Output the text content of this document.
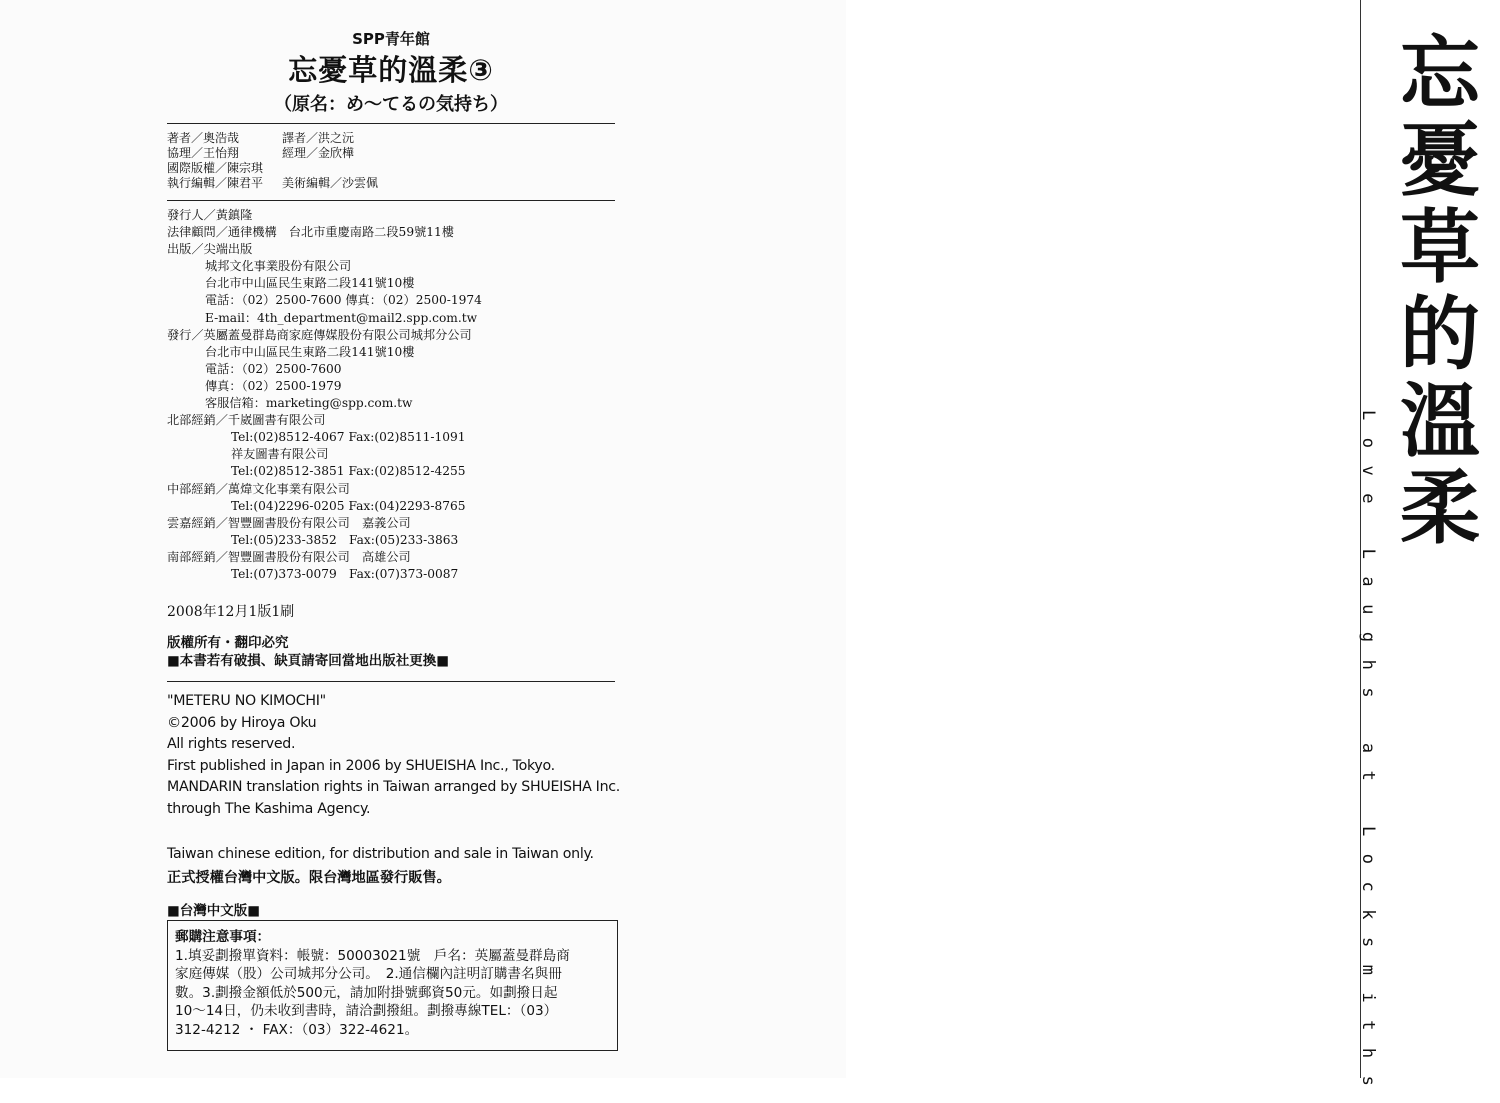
SPP青年館
忘憂草的溫柔③
（原名：め〜てるの気持ち）
著者／奧浩哉	譯者／洪之沅
協理／王怡翔	經理／金欣樺
國際版權／陳宗琪
執行編輯／陳君平 美術編輯／沙雲佩
發行人／黃鎮隆
法律顧問／通律機構　台北市重慶南路二段59號11樓
出版／尖端出版
城邦文化事業股份有限公司
台北市中山區民生東路二段141號10樓
電話：（02）2500-7600 傳真：（02）2500-1974
E-mail：4th_department@mail2.spp.com.tw
發行／英屬蓋曼群島商家庭傳媒股份有限公司城邦分公司
台北市中山區民生東路二段141號10樓
電話：（02）2500-7600
傳真：（02）2500-1979
客服信箱：marketing@spp.com.tw
北部經銷／千崴圖書有限公司
Tel:(02)8512-4067 Fax:(02)8511-1091
祥友圖書有限公司
Tel:(02)8512-3851 Fax:(02)8512-4255
中部經銷／萬煒文化事業有限公司
Tel:(04)2296-0205 Fax:(04)2293-8765
雲嘉經銷／智豐圖書股份有限公司　嘉義公司
Tel:(05)233-3852　Fax:(05)233-3863
南部經銷／智豐圖書股份有限公司　高雄公司
Tel:(07)373-0079　Fax:(07)373-0087
2008年12月1版1刷
版權所有・翻印必究
■本書若有破損、缺頁請寄回當地出版社更換■
"METERU NO KIMOCHI"
©2006 by Hiroya Oku
All rights reserved.
First published in Japan in 2006 by SHUEISHA Inc., Tokyo.
MANDARIN translation rights in Taiwan arranged by SHUEISHA Inc.
through The Kashima Agency.
Taiwan chinese edition, for distribution and sale in Taiwan only.
正式授權台灣中文版。限台灣地區發行販售。
■台灣中文版■
郵購注意事項：
1.填妥劃撥單資料：帳號：50003021號　戶名：英屬蓋曼群島商
家庭傳媒（股）公司城邦分公司。　2.通信欄內註明訂購書名與冊
數。3.劃撥金額低於500元，請加附掛號郵資50元。如劃撥日起
10〜14日，仍未收到書時，請洽劃撥組。劃撥專線TEL：（03）
312-4212 ・ FAX：（03）322-4621。
忘
憂
草
的
溫
柔
Love Laughs at Locksmiths
